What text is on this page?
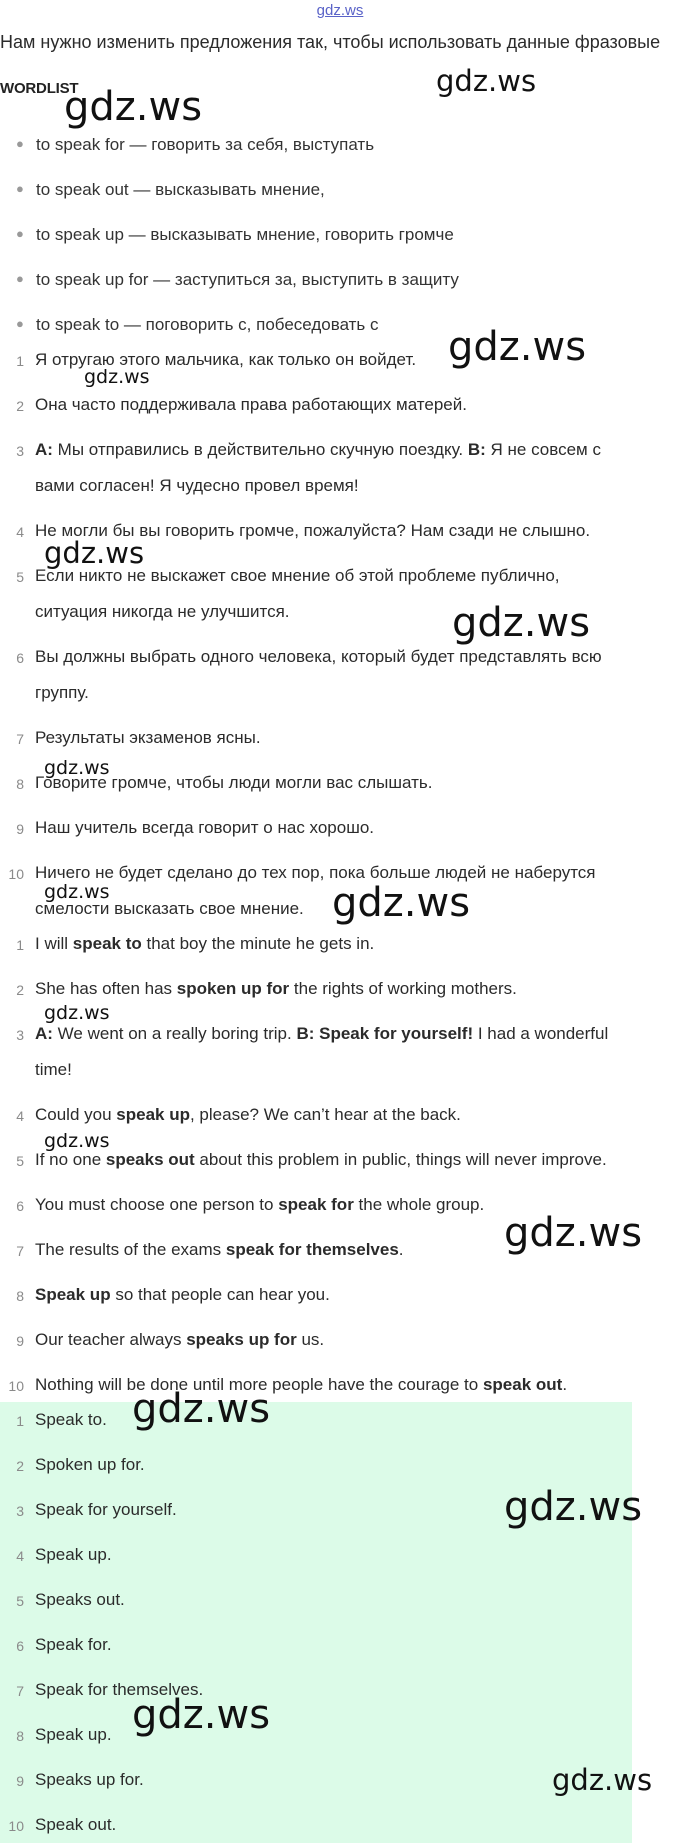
gdz.ws
Нам нужно изменить предложения так, чтобы использовать данные фразовые
WORDLIST
● to speak for — говорить за себя, выступать
● to speak out — высказывать мнение,
● to speak up — высказывать мнение, говорить громче
● to speak up for — заступиться за, выступить в защиту
● to speak to — поговорить с, побеседовать с
1 Я отругаю этого мальчика, как только он войдет.
2 Она часто поддерживала права работающих матерей.
3 A: Мы отправились в действительно скучную поездку. B: Я не совсем с
вами согласен! Я чудесно провел время!
4 Не могли бы вы говорить громче, пожалуйста? Нам сзади не слышно.
5 Если никто не выскажет свое мнение об этой проблеме публично,
ситуация никогда не улучшится.
6 Вы должны выбрать одного человека, который будет представлять всю
группу.
7 Результаты экзаменов ясны.
8 Говорите громче, чтобы люди могли вас слышать.
9 Наш учитель всегда говорит о нас хорошо.
10 Ничего не будет сделано до тех пор, пока больше людей не наберутся
смелости высказать свое мнение.
1 I will speak to that boy the minute he gets in.
2 She has often has spoken up for the rights of working mothers.
3 A: We went on a really boring trip. B: Speak for yourself! I had a wonderful
time!
4 Could you speak up, please? We can’t hear at the back.
5 If no one speaks out about this problem in public, things will never improve.
6 You must choose one person to speak for the whole group.
7 The results of the exams speak for themselves.
8 Speak up so that people can hear you.
9 Our teacher always speaks up for us.
10 Nothing will be done until more people have the courage to speak out.
1 Speak to.
2 Spoken up for.
3 Speak for yourself.
4 Speak up.
5 Speaks out.
6 Speak for.
7 Speak for themselves.
8 Speak up.
9 Speaks up for.
10 Speak out.
gdz.ws
gdz.ws
gdz.ws
gdz.ws
gdz.ws
gdz.ws
gdz.ws
gdz.ws	gdz.ws
gdz.ws
gdz.ws
gdz.ws
gdz.ws
gdz.ws
gdz.ws
gdz.ws
